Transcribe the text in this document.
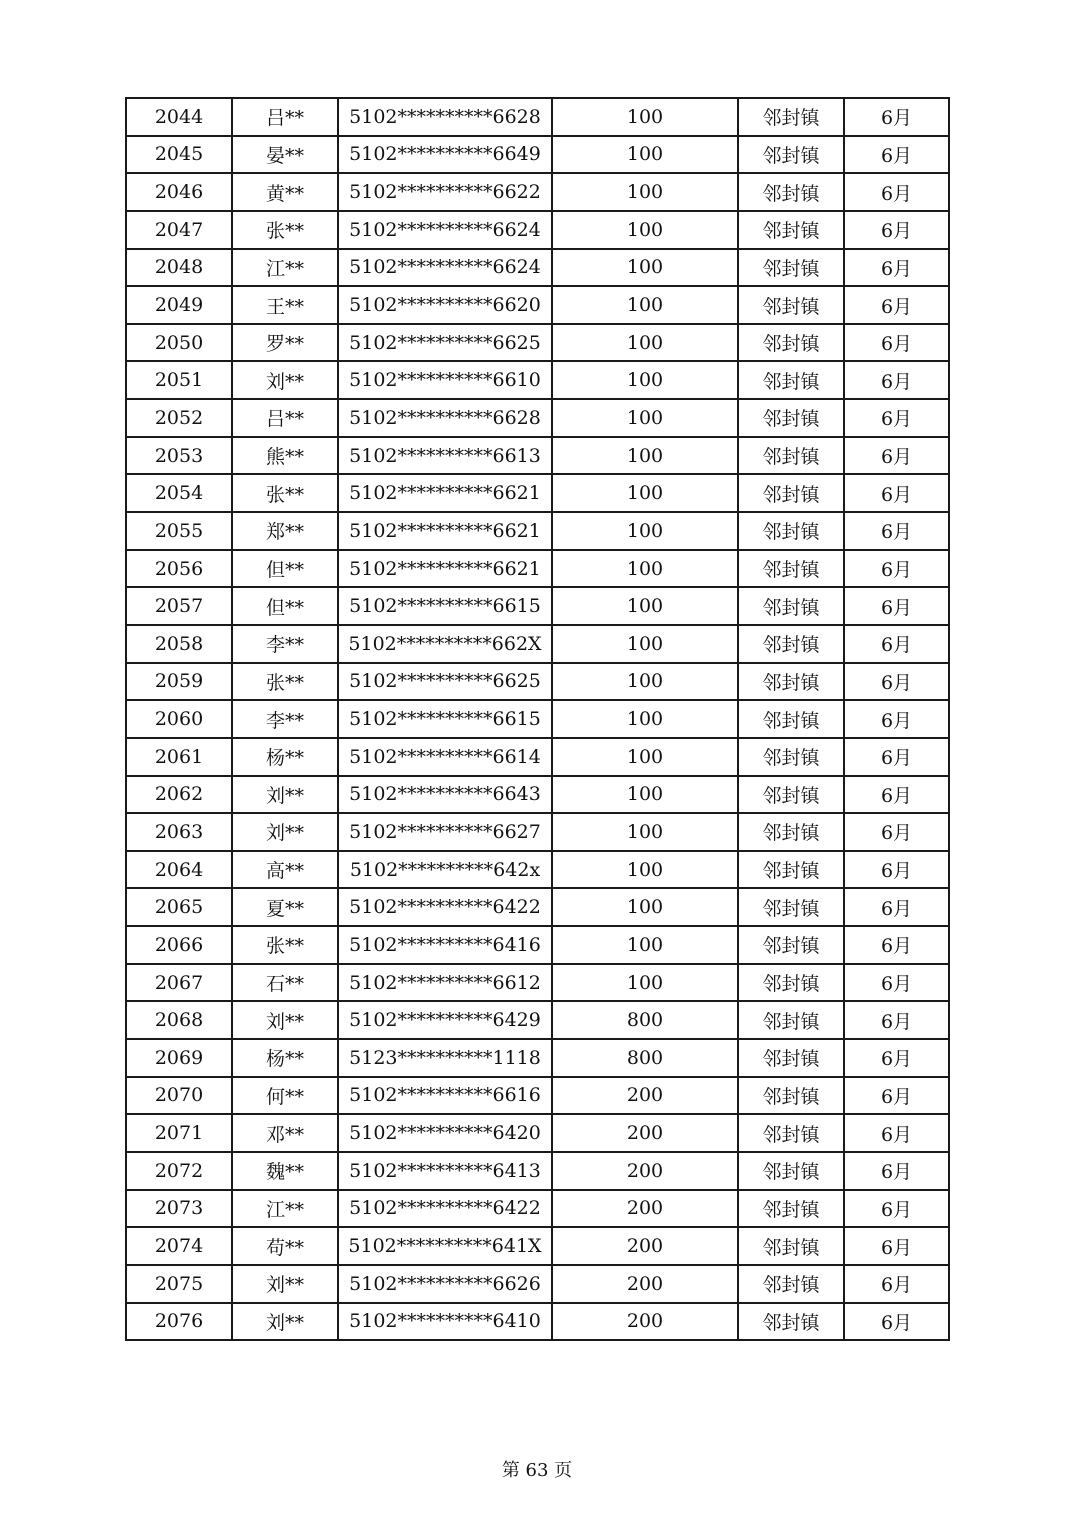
2044	吕**	5102**********6628	100	邻封镇	6月
2045	晏**	5102**********6649	100	邻封镇	6月
2046	黄**	5102**********6622	100	邻封镇	6月
2047	张**	5102**********6624	100	邻封镇	6月
2048	江**	5102**********6624	100	邻封镇	6月
2049	王**	5102**********6620	100	邻封镇	6月
2050	罗**	5102**********6625	100	邻封镇	6月
2051	刘**	5102**********6610	100	邻封镇	6月
2052	吕**	5102**********6628	100	邻封镇	6月
2053	熊**	5102**********6613	100	邻封镇	6月
2054	张**	5102**********6621	100	邻封镇	6月
2055	郑**	5102**********6621	100	邻封镇	6月
2056	但**	5102**********6621	100	邻封镇	6月
2057	但**	5102**********6615	100	邻封镇	6月
2058	李**	5102**********662X	100	邻封镇	6月
2059	张**	5102**********6625	100	邻封镇	6月
2060	李**	5102**********6615	100	邻封镇	6月
2061	杨**	5102**********6614	100	邻封镇	6月
2062	刘**	5102**********6643	100	邻封镇	6月
2063	刘**	5102**********6627	100	邻封镇	6月
2064	高**	5102**********642x	100	邻封镇	6月
2065	夏**	5102**********6422	100	邻封镇	6月
2066	张**	5102**********6416	100	邻封镇	6月
2067	石**	5102**********6612	100	邻封镇	6月
2068	刘**	5102**********6429	800	邻封镇	6月
2069	杨**	5123**********1118	800	邻封镇	6月
2070	何**	5102**********6616	200	邻封镇	6月
2071	邓**	5102**********6420	200	邻封镇	6月
2072	魏**	5102**********6413	200	邻封镇	6月
2073	江**	5102**********6422	200	邻封镇	6月
2074	苟**	5102**********641X	200	邻封镇	6月
2075	刘**	5102**********6626	200	邻封镇	6月
2076	刘**	5102**********6410	200	邻封镇	6月
第 63 页
